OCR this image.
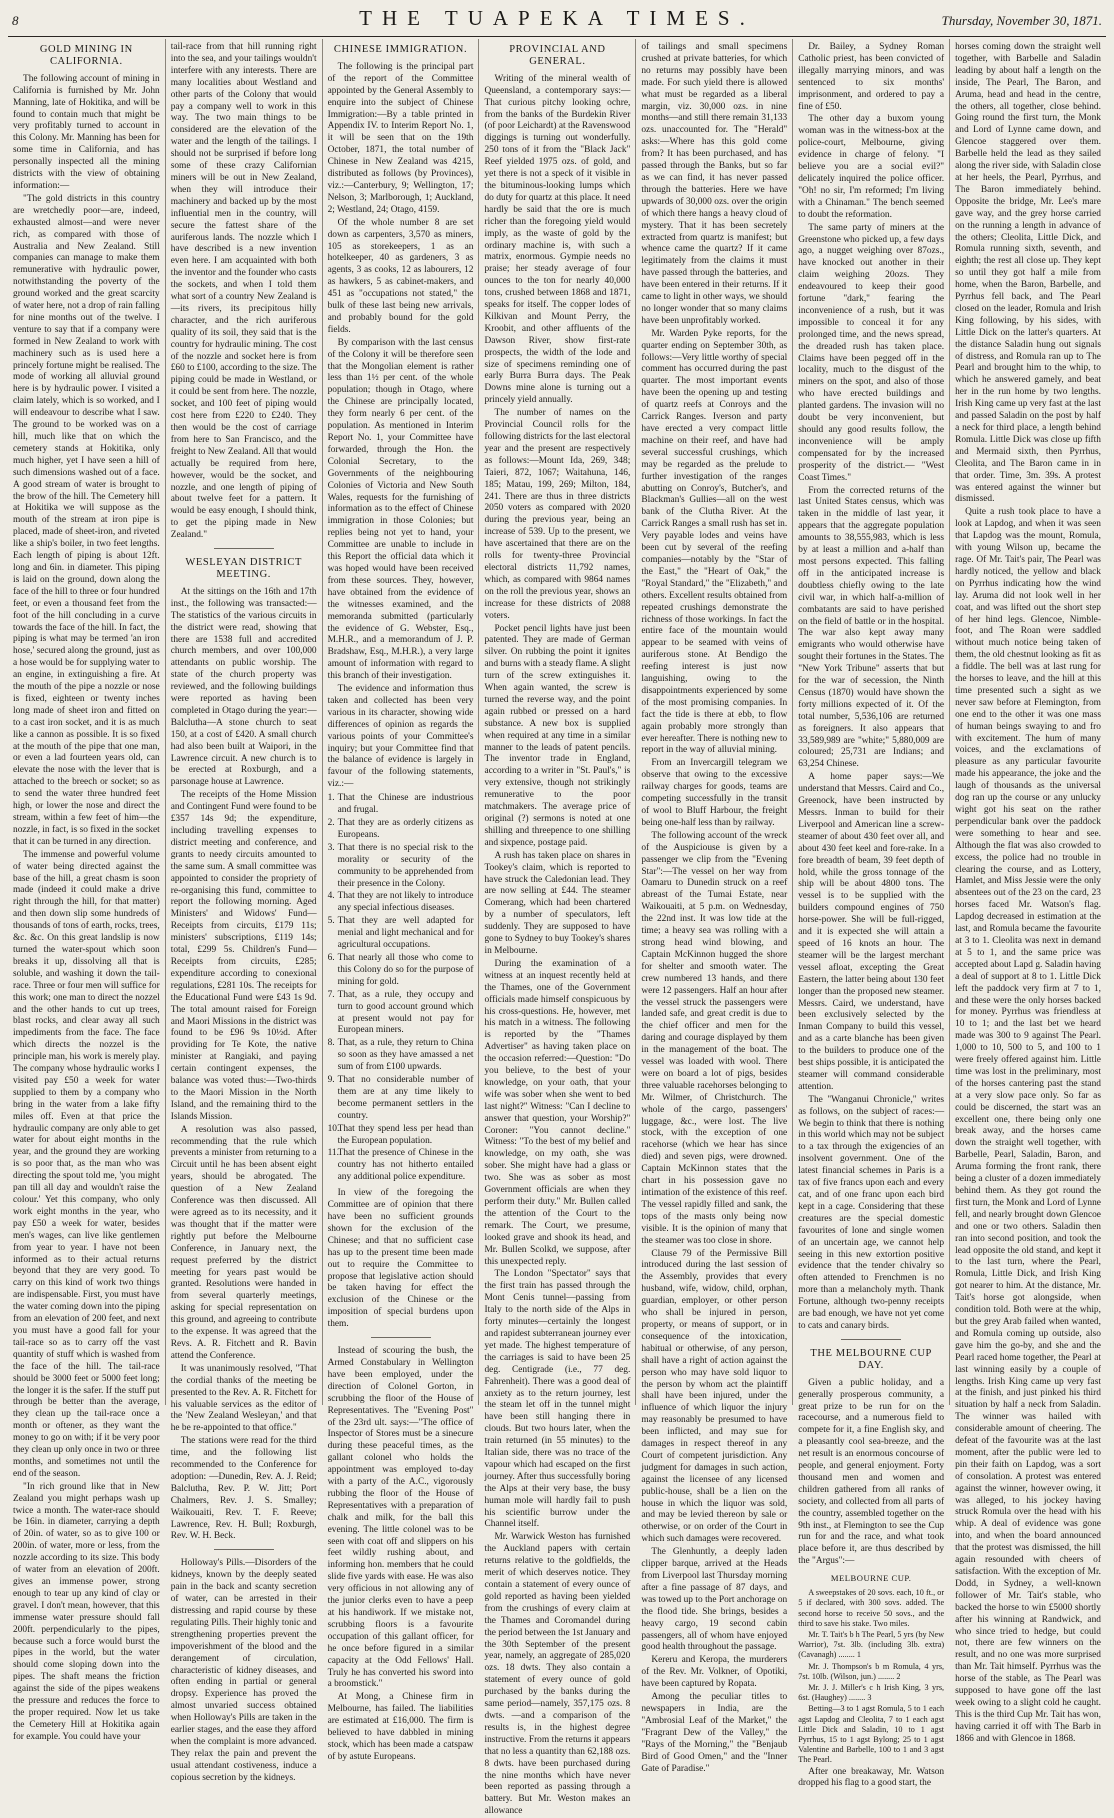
8	THE TUAPEKA TIMES.	Thursday, November 30, 1871.
GOLD MINING IN CALIFORNIA.

The following account of mining in California is furnished by Mr. John Manning, late of Hokitika, and will be found to contain much that might be very profitably turned to account in this Colony. Mr. Manning has been for some time in California, and has personally inspected all the mining districts with the view of obtaining information:—

"The gold districts in this country are wretchedly poor—are, indeed, exhausted almost—and were never rich, as compared with those of Australia and New Zealand. Still companies can manage to make them remunerative with hydraulic power, notwithstanding the poverty of the ground worked and the great scarcity of water here, not a drop of rain falling for nine months out of the twelve. I venture to say that if a company were formed in New Zealand to work with machinery such as is used here a princely fortune might be realised. The mode of working all alluvial ground here is by hydraulic power. I visited a claim lately, which is so worked, and I will endeavour to describe what I saw. The ground to be worked was on a hill, much like that on which the cemetery stands at Hokitika, only much higher, yet I have seen a hill of such dimensions washed out of a face. A good stream of water is brought to the brow of the hill. The Cemetery hill at Hokitika we will suppose as the mouth of the stream at iron pipe is placed, made of sheet-iron, and riveted like a ship's boiler, in two feet lengths. Each length of piping is about 12ft. long and 6in. in diameter. This piping is laid on the ground, down along the face of the hill to three or four hundred feet, or even a thousand feet from the foot of the hill concluding in a curve towards the face of the hill. In fact, the piping is what may be termed 'an iron hose,' secured along the ground, just as a hose would be for supplying water to an engine, in extinguishing a fire. At the mouth of the pipe a nozzle or nose is fixed, eighteen or twenty inches long made of sheet iron and fitted on to a cast iron socket, and it is as much like a cannon as possible. It is so fixed at the mouth of the pipe that one man, or even a lad fourteen years old, can elevate the nose with the lever that is attached to the breech or socket; so as to send the water three hundred feet high, or lower the nose and direct the stream, within a few feet of him—the nozzle, in fact, is so fixed in the socket that it can be turned in any direction.

The immense and powerful volume of water being directed against the base of the hill, a great chasm is soon made (indeed it could make a drive right through the hill, for that matter) and then down slip some hundreds of thousands of tons of earth, rocks, trees, &c. &c. On this great landslip is now turned the water-spout which soon breaks it up, dissolving all that is soluble, and washing it down the tail-race. Three or four men will suffice for this work; one man to direct the nozzel and the other hands to cut up trees, blast rocks, and clear away all such impediments from the face. The face which directs the nozzel is the principle man, his work is merely play. The company whose hydraulic works I visited pay £50 a week for water supplied to them by a company who bring in the water from a lake fifty miles off. Even at that price the hydraulic company are only able to get water for about eight months in the year, and the ground they are working is so poor that, as the man who was directing the spout told me, 'you might pan till all day and wouldn't raise the colour.' Yet this company, who only work eight months in the year, who pay £50 a week for water, besides men's wages, can live like gentlemen from year to year. I have not been informed as to their actual returns beyond that they are very good. To carry on this kind of work two things are indispensable. First, you must have the water coming down into the piping from an elevation of 200 feet, and next you must have a good fall for your tail-race so as to carry off the vast quantity of stuff which is washed from the face of the hill. The tail-race should be 3000 feet or 5000 feet long; the longer it is the safer. If the stuff put through be better than the average, they clean up the tail-race once a month or oftener, as they want the money to go on with; if it be very poor they clean up only once in two or three months, and sometimes not until the end of the season.

"In rich ground like that in New Zealand you might perhaps wash up twice a month. The water-race should be 16in. in diameter, carrying a depth of 20in. of water, so as to give 100 or 200in. of water, more or less, from the nozzle according to its size. This body of water from an elevation of 200ft. gives an immense power, strong enough to tear up any kind of clay or gravel. I don't mean, however, that this immense water pressure should fall 200ft. perpendicularly to the pipes, because such a force would burst the pipes in the world, but the water should come sloping down into the pipes. The shaft means the friction against the side of the pipes weakens the pressure and reduces the force to the proper required. Now let us take the Cemetery Hill at Hokitika again for example. You could have your

tail-race from that hill running right into the sea, and your tailings wouldn't interfere with any interests. There are many localities about Westland and other parts of the Colony that would pay a company well to work in this way. The two main things to be considered are the elevation of the water and the length of the tailings. I should not be surprised if before long some of these crazy Californian miners will be out in New Zealand, when they will introduce their machinery and backed up by the most influential men in the country, will secure the fattest share of the auriferous lands. The nozzle which I have described is a new invention even here. I am acquainted with both the inventor and the founder who casts the sockets, and when I told them what sort of a country New Zealand is—its rivers, its precipitous hilly character, and the rich auriferous quality of its soil, they said that is the country for hydraulic mining. The cost of the nozzle and socket here is from £60 to £100, according to the size. The piping could be made in Westland, or it could be sent from here. The nozzle, socket, and 100 feet of piping would cost here from £220 to £240. They then would be the cost of carriage from here to San Francisco, and the freight to New Zealand. All that would actually be required from here, however, would be the socket, and nozzle, and one length of piping of about twelve feet for a pattern. It would be easy enough, I should think, to get the piping made in New Zealand."

WESLEYAN DISTRICT MEETING.

At the sittings on the 16th and 17th inst., the following was transacted:— The statistics of the various circuits in the district were read, showing that there are 1538 full and accredited church members, and over 100,000 attendants on public worship. The state of the church property was reviewed, and the following buildings were reported as having been completed in Otago during the year:— Balclutha—A stone church to seat 150, at a cost of £420. A small church had also been built at Waipori, in the Lawrence circuit. A new church is to be erected at Roxburgh, and a parsonage house at Lawrence.

The receipts of the Home Mission and Contingent Fund were found to be £357 14s 9d; the expenditure, including travelling expenses to district meeting and conference, and grants to needy circuits amounted to the same sum. A small committee was appointed to consider the propriety of re-organising this fund, committee to report the following morning. Aged Ministers' and Widows' Fund—Receipts from circuits, £179 11s; ministers' subscriptions, £119 14s; total, £299 5s. Children's Fund—Receipts from circuits, £285; expenditure according to conexional regulations, £281 10s. The receipts for the Educational Fund were £43 1s 9d. The total amount raised for Foreign and Maori Missions in the district was found to be £96 9s 10½d. After providing for Te Kote, the native minister at Rangiaki, and paying certain contingent expenses, the balance was voted thus:—Two-thirds to the Maori Mission in the North Island, and the remaining third to the Islands Mission.

A resolution was also passed, recommending that the rule which prevents a minister from returning to a Circuit until he has been absent eight years, should be abrogated. The question of a New Zealand Conference was then discussed. All were agreed as to its necessity, and it was thought that if the matter were rightly put before the Melbourne Conference, in January next, the request preferred by the district meeting for years past would be granted. Resolutions were handed in from several quarterly meetings, asking for special representation on this ground, and agreeing to contribute to the expense. It was agreed that the Revs. A. R. Fitchett and R. Bavin attend the Conference.

It was unanimously resolved, "That the cordial thanks of the meeting be presented to the Rev. A. R. Fitchett for his valuable services as the editor of the 'New Zealand Wesleyan,' and that he be re-appointed to that office."

The stations were read for the third time, and the following list recommended to the Conference for adoption: —Dunedin, Rev. A. J. Reid; Balclutha, Rev. P. W. Jitt; Port Chalmers, Rev. J. S. Smalley; Waikouaiti, Rev. T. F. Reeve; Lawrence, Rev. H. Bull; Roxburgh, Rev. W. H. Beck.

Holloway's Pills.—Disorders of the kidneys, known by the deeply seated pain in the back and scanty secretion of water, can be arrested in their distressing and rapid course by these regulating Pills. Their highly tonic and strengthening properties prevent the impoverishment of the blood and the derangement of circulation, characteristic of kidney diseases, and often ending in partial or general dropsy. Experience has proved the almost unvaried success obtained when Holloway's Pills are taken in the earlier stages, and the ease they afford when the complaint is more advanced. They relax the pain and prevent the usual attendant costiveness, induce a copious secretion by the kidneys.

CHINESE IMMIGRATION.

The following is the principal part of the report of the Committee appointed by the General Assembly to enquire into the subject of Chinese Immigration:—By a table printed in Appendix IV. to Interim Report No. 1, it will be seen that on the 19th October, 1871, the total number of Chinese in New Zealand was 4215, distributed as follows (by Provinces), viz.:—Canterbury, 9; Wellington, 17; Nelson, 3; Marlborough, 1; Auckland, 2; Westland, 24; Otago, 4159.

Of the whole number 8 are set down as carpenters, 3,570 as miners, 105 as storekeepers, 1 as an hotelkeeper, 40 as gardeners, 3 as agents, 3 as cooks, 12 as labourers, 12 as hawkers, 5 as cabinet-makers, and 451 as "occupations not stated," the bulk of these last being new arrivals, and probably bound for the gold fields.

By comparison with the last census of the Colony it will be therefore seen that the Mongolian element is rather less than 1½ per cent. of the whole population; though in Otago, where the Chinese are principally located, they form nearly 6 per cent. of the population. As mentioned in Interim Report No. 1, your Committee have forwarded, through the Hon. the Colonial Secretary, to the Governments of the neighbouring Colonies of Victoria and New South Wales, requests for the furnishing of information as to the effect of Chinese immigration in those Colonies; but replies being not yet to hand, your Committee are unable to include in this Report the official data which it was hoped would have been received from these sources. They, however, have obtained from the evidence of the witnesses examined, and the memoranda submitted (particularly the evidence of G. Webster, Esq., M.H.R., and a memorandum of J. P. Bradshaw, Esq., M.H.R.), a very large amount of information with regard to this branch of their investigation.

The evidence and information thus taken and collected has been very various in its character, showing wide differences of opinion as regards the various points of your Committee's inquiry; but your Committee find that the balance of evidence is largely in favour of the following statements, viz.:—

1. That the Chinese are industrious and frugal.
2. That they are as orderly citizens as Europeans.
3. That there is no special risk to the morality or security of the community to be apprehended from their presence in the Colony.
4. That they are not likely to introduce any special infectious diseases.
5. That they are well adapted for menial and light mechanical and for agricultural occupations.
6. That nearly all those who come to this Colony do so for the purpose of mining for gold.
7. That, as a rule, they occupy and turn to good account ground which at present would not pay for European miners.
8. That, as a rule, they return to China so soon as they have amassed a net sum of from £100 upwards.
9. That no considerable number of them are at any time likely to become permanent settlers in the country.
10.That they spend less per head than the European population.
11.That the presence of Chinese in the country has not hitherto entailed any additional police expenditure.

In view of the foregoing the Committee are of opinion that there have been no sufficient grounds shown for the exclusion of the Chinese; and that no sufficient case has up to the present time been made out to require the Committee to propose that legislative action should be taken having for effect the exclusion of the Chinese or the imposition of special burdens upon them.

Instead of scouring the bush, the Armed Constabulary in Wellington have been employed, under the direction of Colonel Gorton, in scrubbing the floor of the House of Representatives. The "Evening Post" of the 23rd ult. says:—"The office of Inspector of Stores must be a sinecure during these peaceful times, as the gallant colonel who holds the appointment was employed to-day with a party of the A.C., vigorously rubbing the floor of the House of Representatives with a preparation of chalk and milk, for the ball this evening. The little colonel was to be seen with coat off and slippers on his feet wildly rushing about, and informing hon. members that he could slide five yards with ease. He was also very officious in not allowing any of the junior clerks even to have a peep at his handiwork. If we mistake not, scrubbing floors is a favourite occupation of this gallant officer, for he once before figured in a similar capacity at the Odd Fellows' Hall. Truly he has converted his sword into a broomstick."

At Mong, a Chinese firm in Melbourne, has failed. The liabilities are estimated at £16,000. The firm is believed to have dabbled in mining stock, which has been made a catspaw of by astute Europeans.

PROVINCIAL AND GENERAL.

Writing of the mineral wealth of Queensland, a contemporary says:—That curious pitchy looking ochre, from the banks of the Burdekin River (of poor Leichardt) at the Ravenswood diggings is turning out wonderfully. 250 tons of it from the "Black Jack" Reef yielded 1975 ozs. of gold, and yet there is not a speck of it visible in the bituminous-looking lumps which do duty for quartz at this place. It need hardly be said that the ore is much richer than the foregoing yield would imply, as the waste of gold by the ordinary machine is, with such a matrix, enormous. Gympie needs no praise; her steady average of four ounces to the ton for nearly 40,000 tons, crushed between 1868 and 1871, speaks for itself. The copper lodes of Kilkivan and Mount Perry, the Kroobit, and other affluents of the Dawson River, show first-rate prospects, the width of the lode and size of specimens reminding one of early Burra Burra days. The Peak Downs mine alone is turning out a princely yield annually.

The number of names on the Provincial Council rolls for the following districts for the last electoral year and the present are respectively as follows:—Mount Ida, 269, 348; Taieri, 872, 1067; Waitahuna, 146, 185; Matau, 199, 269; Milton, 184, 241. There are thus in three districts 2050 voters as compared with 2020 during the previous year, being an increase of 539. Up to the present, we have ascertained that there are on the rolls for twenty-three Provincial electoral districts 11,792 names, which, as compared with 9864 names on the roll the previous year, shows an increase for these districts of 2088 voters.

Pocket pencil lights have just been patented. They are made of German silver. On rubbing the point it ignites and burns with a steady flame. A slight turn of the screw extinguishes it. When again wanted, the screw is turned the reverse way, and the point again rubbed or pressed on a hard substance. A new box is supplied when required at any time in a similar manner to the leads of patent pencils. The inventor trade in England, according to a writer in "St. Paul's," is very extensive, though not strikingly remunerative to the poor matchmakers. The average price of original (?) sermons is noted at one shilling and threepence to one shilling and sixpence, postage paid.

A rush has taken place on shares in Tookey's claim, which is reported to have struck the Caledonian lead. They are now selling at £44. The steamer Comerang, which had been chartered by a number of speculators, left suddenly. They are supposed to have gone to Sydney to buy Tookey's shares in Melbourne.

During the examination of a witness at an inquest recently held at the Thames, one of the Government officials made himself conspicuous by his cross-questions. He, however, met his match in a witness. The following is reported by the "Thames Advertiser" as having taken place on the occasion referred:—Question: "Do you believe, to the best of your knowledge, on your oath, that your wife was sober when she went to bed last night?" Witness: "Can I decline to answer that question, your Worship?" Coroner: "You cannot decline." Witness: "To the best of my belief and knowledge, on my oath, she was sober. She might have had a glass or two. She was as sober as most Government officials are when they perform their duty." Mr. Bullen called the attention of the Court to the remark. The Court, we presume, looked grave and shook its head, and Mr. Bullen Scolkd, we suppose, after this unexpected reply.

The London "Spectator" says that the first train has passed through the Mont Cenis tunnel—passing from Italy to the north side of the Alps in forty minutes—certainly the longest and rapidest subterranean journey ever yet made. The highest temperature of the carriages is said to have been 25 deg. Centigrade (i.e., 77 deg. Fahrenheit). There was a good deal of anxiety as to the return journey, lest the steam let off in the tunnel might have been still hanging there in clouds. But two hours later, when the train returned (in 55 minutes) to the Italian side, there was no trace of the vapour which had escaped on the first journey. After thus successfully boring the Alps at their very base, the busy human mole will hardly fail to push his scientific burrow under the Channel itself.

Mr. Warwick Weston has furnished the Auckland papers with certain returns relative to the goldfields, the merit of which deserves notice. They contain a statement of every ounce of gold reported as having been yielded from the crushings of every claim at the Thames and Coromandel during the period between the 1st January and the 30th September of the present year, namely, an aggregate of 285,020 ozs. 18 dwts. They also contain a statement of every ounce of gold purchased by the banks during the same period—namely, 357,175 ozs. 8 dwts. —and a comparison of the results is, in the highest degree instructive. From the returns it appears that no less a quantity than 62,188 ozs. 8 dwts. have been purchased during the nine months which have never been reported as passing through a battery. But Mr. Weston makes an allowance

of tailings and small specimens crushed at private batteries, for which no returns may possibly have been made. For such yield there is allowed what must be regarded as a liberal margin, viz. 30,000 ozs. in nine months—and still there remain 31,133 ozs. unaccounted for. The "Herald" asks:—Where has this gold come from? It has been purchased, and has passed through the Banks, but so far as we can find, it has never passed through the batteries. Here we have upwards of 30,000 ozs. over the origin of which there hangs a heavy cloud of mystery. That it has been secretely extracted from quartz is manifest; but whence came the quartz? If it came legitimately from the claims it must have passed through the batteries, and have been entered in their returns. If it came to light in other ways, we should no longer wonder that so many claims have been unprofitably worked.

Mr. Warden Pyke reports, for the quarter ending on September 30th, as follows:—Very little worthy of special comment has occurred during the past quarter. The most important events have been the opening up and testing of quartz reefs at Conroys and the Carrick Ranges. Iverson and party have erected a very compact little machine on their reef, and have had several successful crushings, which may be regarded as the prelude to further investigation of the ranges abutting on Conroy's, Butcher's, and Blackman's Gullies—all on the west bank of the Clutha River. At the Carrick Ranges a small rush has set in. Very payable lodes and veins have been cut by several of the reefing companies—notably by the "Star of the East," the "Heart of Oak," the "Royal Standard," the "Elizabeth," and others. Excellent results obtained from repeated crushings demonstrate the richness of those workings. In fact the entire face of the mountain would appear to be seamed with veins of auriferous stone. At Bendigo the reefing interest is just now languishing, owing to the disappointments experienced by some of the most promising companies. In fact the tide is there at ebb, to flow again probably more strongly than ever hereafter. There is nothing new to report in the way of alluvial mining.

From an Invercargill telegram we observe that owing to the excessive railway charges for goods, teams are competing successfully in the transit of wool to Bluff Harbour, the freight being one-half less than by railway.

The following account of the wreck of the Auspiciouse is given by a passenger we clip from the "Evening Star":—The vessel on her way from Oamaru to Dunedin struck on a reef abreast of the Tumai Estate, near Waikouaiti, at 5 p.m. on Wednesday, the 22nd inst. It was low tide at the time; a heavy sea was rolling with a strong head wind blowing, and Captain McKinnon hugged the shore for shelter and smooth water. The crew numbered 13 hands, and there were 12 passengers. Half an hour after the vessel struck the passengers were landed safe, and great credit is due to the chief officer and men for the daring and courage displayed by them in the management of the boat. The vessel was loaded with wool. There were on board a lot of pigs, besides three valuable racehorses belonging to Mr. Wilmer, of Christchurch. The whole of the cargo, passengers' luggage, &c., were lost. The live stock, with the exception of one racehorse (which we hear has since died) and seven pigs, were drowned. Captain McKinnon states that the chart in his possession gave no intimation of the existence of this reef. The vessel rapidly filled and sank, the tops of the masts only being now visible. It is the opinion of many that the steamer was too close in shore.

Clause 79 of the Permissive Bill introduced during the last session of the Assembly, provides that every husband, wife, widow, child, orphan, guardian, employer, or other person who shall be injured in person, property, or means of support, or in consequence of the intoxication, habitual or otherwise, of any person, shall have a right of action against the person who may have sold liquor to the person by whom act the plaintiff shall have been injured, under the influence of which liquor the injury may reasonably be presumed to have been inflicted, and may sue for damages in respect thereof in any Court of competent jurisdiction. Any judgment for damages in such action, against the licensee of any licensed public-house, shall be a lien on the house in which the liquor was sold, and may be levied thereon by sale or otherwise, or on order of the Court in which such damages were recovered.

The Glenhuntly, a deeply laden clipper barque, arrived at the Heads from Liverpool last Thursday morning after a fine passage of 87 days, and was towed up to the Port anchorage on the flood tide. She brings, besides a heavy cargo, 19 second cabin passengers, all of whom have enjoyed good health throughout the passage.

Kereru and Keropa, the murderers of the Rev. Mr. Volkner, of Opotiki, have been captured by Ropata.

Among the peculiar titles to newspapers in India, are the "Ambrosial Leaf of the Market," the "Fragrant Dew of the Valley," the "Rays of the Morning," the "Benjaub Bird of Good Omen," and the "Inner Gate of Paradise."

Dr. Bailey, a Sydney Roman Catholic priest, has been convicted of illegally marrying minors, and was sentenced to six months' imprisonment, and ordered to pay a fine of £50.

The other day a buxom young woman was in the witness-box at the police-court, Melbourne, giving evidence in charge of felony. "I believe you are a social evil?" delicately inquired the police officer. "Oh! no sir, I'm reformed; I'm living with a Chinaman." The bench seemed to doubt the reformation.

The same party of miners at the Greenstone who picked up, a few days ago, a nugget weighing over 87ozs., have knocked out another in their claim weighing 20ozs. They endeavoured to keep their good fortune "dark," fearing the inconvenience of a rush, but it was impossible to conceal it for any prolonged time, and the news spread, the dreaded rush has taken place. Claims have been pegged off in the locality, much to the disgust of the miners on the spot, and also of those who have erected buildings and planted gardens. The invasion will no doubt be very inconvenient, but should any good results follow, the inconvenience will be amply compensated for by the increased prosperity of the district.— "West Coast Times."

From the corrected returns of the last United States census, which was taken in the middle of last year, it appears that the aggregate population amounts to 38,555,983, which is less by at least a million and a-half than most persons expected. This falling off in the anticipated increase is doubtless chiefly owing to the late civil war, in which half-a-million of combatants are said to have perished on the field of battle or in the hospital. The war also kept away many emigrants who would otherwise have sought their fortunes in the States. The "New York Tribune" asserts that but for the war of secession, the Ninth Census (1870) would have shown the forty millions expected of it. Of the total number, 5,536,106 are returned as foreigners. It also appears that 33,589,989 are "white;" 5,880,009 are coloured; 25,731 are Indians; and 63,254 Chinese.

A home paper says:—We understand that Messrs. Caird and Co., Greenock, have been instructed by Messrs. Inman to build for their Liverpool and American line a screw-steamer of about 430 feet over all, and about 430 feet keel and fore-rake. In a fore breadth of beam, 39 feet depth of hold, while the gross tonnage of the ship will be about 4800 tons. The vessel is to be supplied with the builders compound engines of 750 horse-power. She will be full-rigged, and it is expected she will attain a speed of 16 knots an hour. The steamer will be the largest merchant vessel afloat, excepting the Great Eastern, the latter being about 130 feet longer than the proposed new steamer. Messrs. Caird, we understand, have been exclusively selected by the Inman Company to build this vessel, and as a carte blanche has been given to the builders to produce one of the best ships possible, it is anticipated the steamer will command considerable attention.

The "Wanganui Chronicle," writes as follows, on the subject of races:—We begin to think that there is nothing in this world which may not be subject to a tax through the exigencies of an insolvent government. One of the latest financial schemes in Paris is a tax of five francs upon each and every cat, and of one franc upon each bird kept in a cage. Considering that these creatures are the special domestic favourites of lone and single women of an uncertain age, we cannot help seeing in this new extortion positive evidence that the tender chivalry so often attended to Frenchmen is no more than a melancholy myth. Thank Fortune, although two-penny receipts are bad enough, we have not yet come to cats and canary birds.

THE MELBOURNE CUP DAY.

Given a public holiday, and a generally prosperous community, a great prize to be run for on the racecourse, and a numerous field to compete for it, a fine English sky, and a pleasantly cool sea-breeze, and the net result is an enormous concourse of people, and general enjoyment. Forty thousand men and women and children gathered from all ranks of society, and collected from all parts of the country, assembled together on the 9th inst., at Flemington to see the Cup run for and the race, and what took place before it, are thus described by the "Argus":—

MELBOURNE CUP.

A sweepstakes of 20 sovs. each, 10 ft., or 5 if declared, with 300 sovs. added. The second horse to receive 50 sovs., and the third to save his stake. Two miles.

Mr. T. Tait's b h The Pearl, 5 yrs (by New Warrior), 7st. 3lb. (including 3lb. extra) (Cavanagh) ........ 1

Mr. J. Thompson's b m Romula, 4 yrs, 7st. 10lb. (Wilson, jun.) ........ 2

Mr. J. J. Miller's c h Irish King, 3 yrs, 6st. (Haughey) ........ 3

Betting—3 to 1 agst Romula, 5 to 1 each agst Lapdog and Cleolita, 7 to 1 each agst Little Dick and Saladin, 10 to 1 agst Pyrrhus, 15 to 1 agst Bylong; 25 to 1 agst Valentine and Barbelle, 100 to 1 and 3 agst The Pearl.

After one breakaway, Mr. Watson dropped his flag to a good start, the

horses coming down the straight well together, with Barbelle and Saladin leading by about half a length on the inside, The Pearl, The Baron, and Aruma, head and head in the centre, the others, all together, close behind. Going round the first turn, the Monk and Lord of Lynne came down, and Glencoe staggered over them. Barbelle held the lead as they sailed along the river side, with Saladin close at her heels, the Pearl, Pyrrhus, and The Baron immediately behind. Opposite the bridge, Mr. Lee's mare gave way, and the grey horse carried on the running a length in advance of the others; Cleolita, Little Dick, and Romula running sixth, seventh, and eighth; the rest all close up. They kept so until they got half a mile from home, when the Baron, Barbelle, and Pyrrhus fell back, and The Pearl closed on the leader, Romula and Irish King following, by his sides, with Little Dick on the latter's quarters. At the distance Saladin hung out signals of distress, and Romula ran up to The Pearl and brought him to the whip, to which he answered gamely, and beat her in the run home by two lengths. Irish King came up very fast at the last and passed Saladin on the post by half a neck for third place, a length behind Romula. Little Dick was close up fifth and Mermaid sixth, then Pyrrhus, Cleolita, and The Baron came in in that order. Time, 3m. 39s. A protest was entered against the winner but dismissed.

Quite a rush took place to have a look at Lapdog, and when it was seen that Lapdog was the mount, Romula, with young Wilson up, became the rage. Of Mr. Tait's pair, The Pearl was hardly noticed, the yellow and black on Pyrrhus indicating how the wind lay. Aruma did not look well in her coat, and was lifted out the short step of her hind legs. Glencoe, Nimble-foot, and The Roan were saddled without much notice being taken of them, the old chestnut looking as fit as a fiddle. The bell was at last rung for the horses to leave, and the hill at this time presented such a sight as we never saw before at Flemington, from one end to the other it was one mass of human beings swaying to and fro with excitement. The hum of many voices, and the exclamations of pleasure as any particular favourite made his appearance, the joke and the laugh of thousands as the universal dog ran up the course or any unlucky wight got his seat on the rather perpendicular bank over the paddock were something to hear and see. Although the flat was also crowded to excess, the police had no trouble in clearing the course, and as Lottery, Hamlet, and Miss Jessie were the only absentees out of the 23 on the card, 23 horses faced Mr. Watson's flag. Lapdog decreased in estimation at the last, and Romula became the favourite at 3 to 1. Cleolita was next in demand at 5 to 1, and the same price was accepted about Lapd g. Saladin having a deal of support at 8 to 1. Little Dick left the paddock very firm at 7 to 1, and these were the only horses backed for money. Pyrrhus was friendless at 10 to 1; and the last bet we heard made was 300 to 9 against The Pearl. 1,000 to 10, 500 to 5, and 100 to 1 were freely offered against him. Little time was lost in the preliminary, most of the horses cantering past the stand at a very slow pace only. So far as could be discerned, the start was an excellent one, there being only one break away, and the horses came down the straight well together, with Barbelle, Pearl, Saladin, Baron, and Aruma forming the front rank, there being a cluster of a dozen immediately behind them. As they got round the first turn, the Monk and Lord of Lynne fell, and nearly brought down Glencoe and one or two others. Saladin then ran into second position, and took the lead opposite the old stand, and kept it to the last turn, where the Pearl, Romula, Little Dick, and Irish King got nearer to him. At the distance, Mr. Tait's horse got alongside, when condition told. Both were at the whip, but the grey Arab failed when wanted, and Romula coming up outside, also gave him the go-by, and she and the Pearl raced home together, the Pearl at last winning easily by a couple of lengths. Irish King came up very fast at the finish, and just pinked his third situation by half a neck from Saladin. The winner was hailed with considerable amount of cheering. The defeat of the favourite was at the last moment, after the public were led to pin their faith on Lapdog, was a sort of consolation. A protest was entered against the winner, however owing, it was alleged, to his jockey having struck Romula over the head with his whip. A deal of evidence was gone into, and when the board announced that the protest was dismissed, the hill again resounded with cheers of satisfaction. With the exception of Mr. Dodd, in Sydney, a well-known follower of Mr. Tait's stable, who backed the horse to win £5000 shortly after his winning at Randwick, and who since tried to hedge, but could not, there are few winners on the result, and no one was more surprised than Mr. Tait himself. Pyrrhus was the horse of the stable, as The Pearl was supposed to have gone off the last week owing to a slight cold he caught. This is the third Cup Mr. Tait has won, having carried it off with The Barb in 1866 and with Glencoe in 1868.
